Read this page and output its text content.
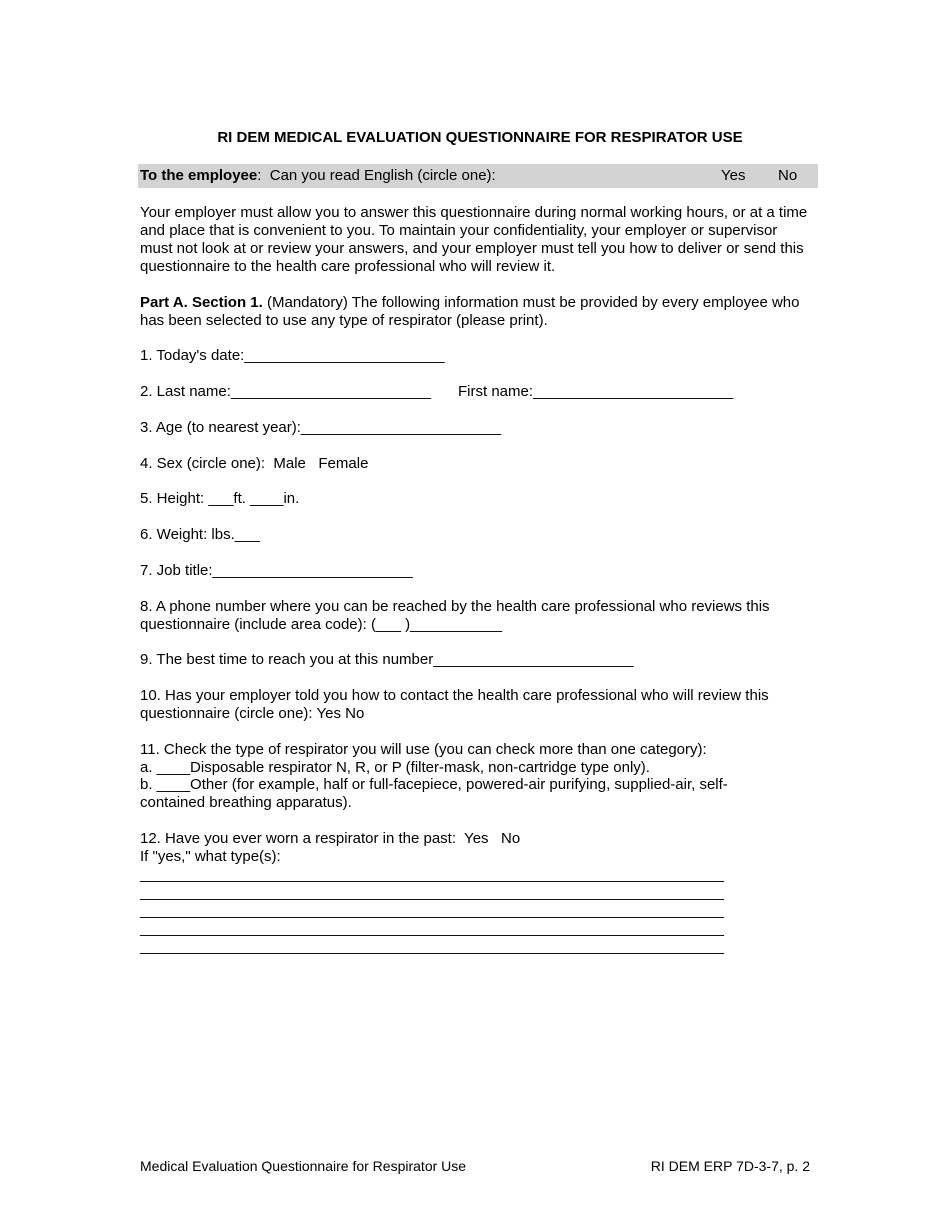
RI DEM MEDICAL EVALUATION QUESTIONNAIRE FOR RESPIRATOR USE
To the employee:  Can you read English (circle one):	Yes No
Your employer must allow you to answer this questionnaire during normal working hours, or at a time and place that is convenient to you. To maintain your confidentiality, your employer or supervisor must not look at or review your answers, and your employer must tell you how to deliver or send this questionnaire to the health care professional who will review it.
Part A. Section 1. (Mandatory) The following information must be provided by every employee who has been selected to use any type of respirator (please print).
1. Today's date:________________________
2. Last name:________________________ First name:________________________
3. Age (to nearest year):________________________
4. Sex (circle one):  Male   Female
5. Height: ___ft. ____in.
6. Weight: lbs.___
7. Job title:________________________
8. A phone number where you can be reached by the health care professional who reviews this questionnaire (include area code): (___ )___________
9. The best time to reach you at this number________________________
10. Has your employer told you how to contact the health care professional who will review this questionnaire (circle one): Yes No
11. Check the type of respirator you will use (you can check more than one category):
a. ____Disposable respirator N, R, or P (filter-mask, non-cartridge type only).
b. ____Other (for example, half or full-facepiece, powered-air purifying, supplied-air, self-
contained breathing apparatus).
12. Have you ever worn a respirator in the past:  Yes   No
If "yes," what type(s):
______________________________________________________________________
______________________________________________________________________
______________________________________________________________________
______________________________________________________________________
______________________________________________________________________
Medical Evaluation Questionnaire for Respirator Use	RI DEM ERP 7D-3-7, p. 2
